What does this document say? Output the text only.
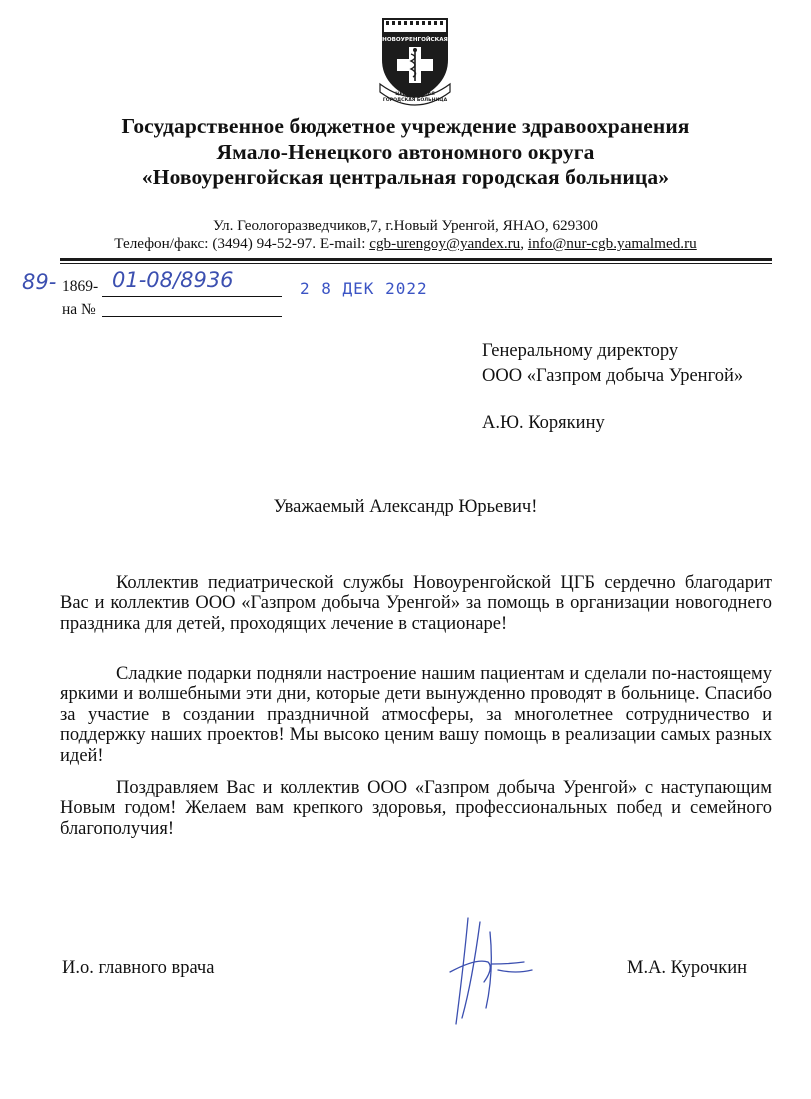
НОВОУРЕНГОЙСКАЯ
ЦЕНТРАЛЬНАЯ
ГОРОДСКАЯ БОЛЬНИЦА
Государственное бюджетное учреждение здравоохранения
Ямало-Ненецкого автономного округа
«Новоуренгойская центральная городская больница»
Ул. Геологоразведчиков,7, г.Новый Уренгой, ЯНАО, 629300
Телефон/факс: (3494) 94-52-97. E-mail: cgb-urengoy@yandex.ru, info@nur-cgb.yamalmed.ru
89- 1869- 01-08/8936	2 8 ДЕК 2022
на №
Генеральному директору
ООО «Газпром добыча Уренгой»
А.Ю. Корякину
Уважаемый Александр Юрьевич!

Коллектив педиатрической службы Новоуренгойской ЦГБ сердечно благодарит Вас и коллектив ООО «Газпром добыча Уренгой» за помощь в организации новогоднего праздника для детей, проходящих лечение в стационаре!

Сладкие подарки подняли настроение нашим пациентам и сделали по-настоящему яркими и волшебными эти дни, которые дети вынужденно проводят в больнице. Спасибо за участие в создании праздничной атмосферы, за многолетнее сотрудничество и поддержку наших проектов! Мы высоко ценим вашу помощь в реализации самых разных идей!

Поздравляем Вас и коллектив ООО «Газпром добыча Уренгой» с наступающим Новым годом! Желаем вам крепкого здоровья, профессиональных побед и семейного благополучия!

И.о. главного врача	М.А. Курочкин
